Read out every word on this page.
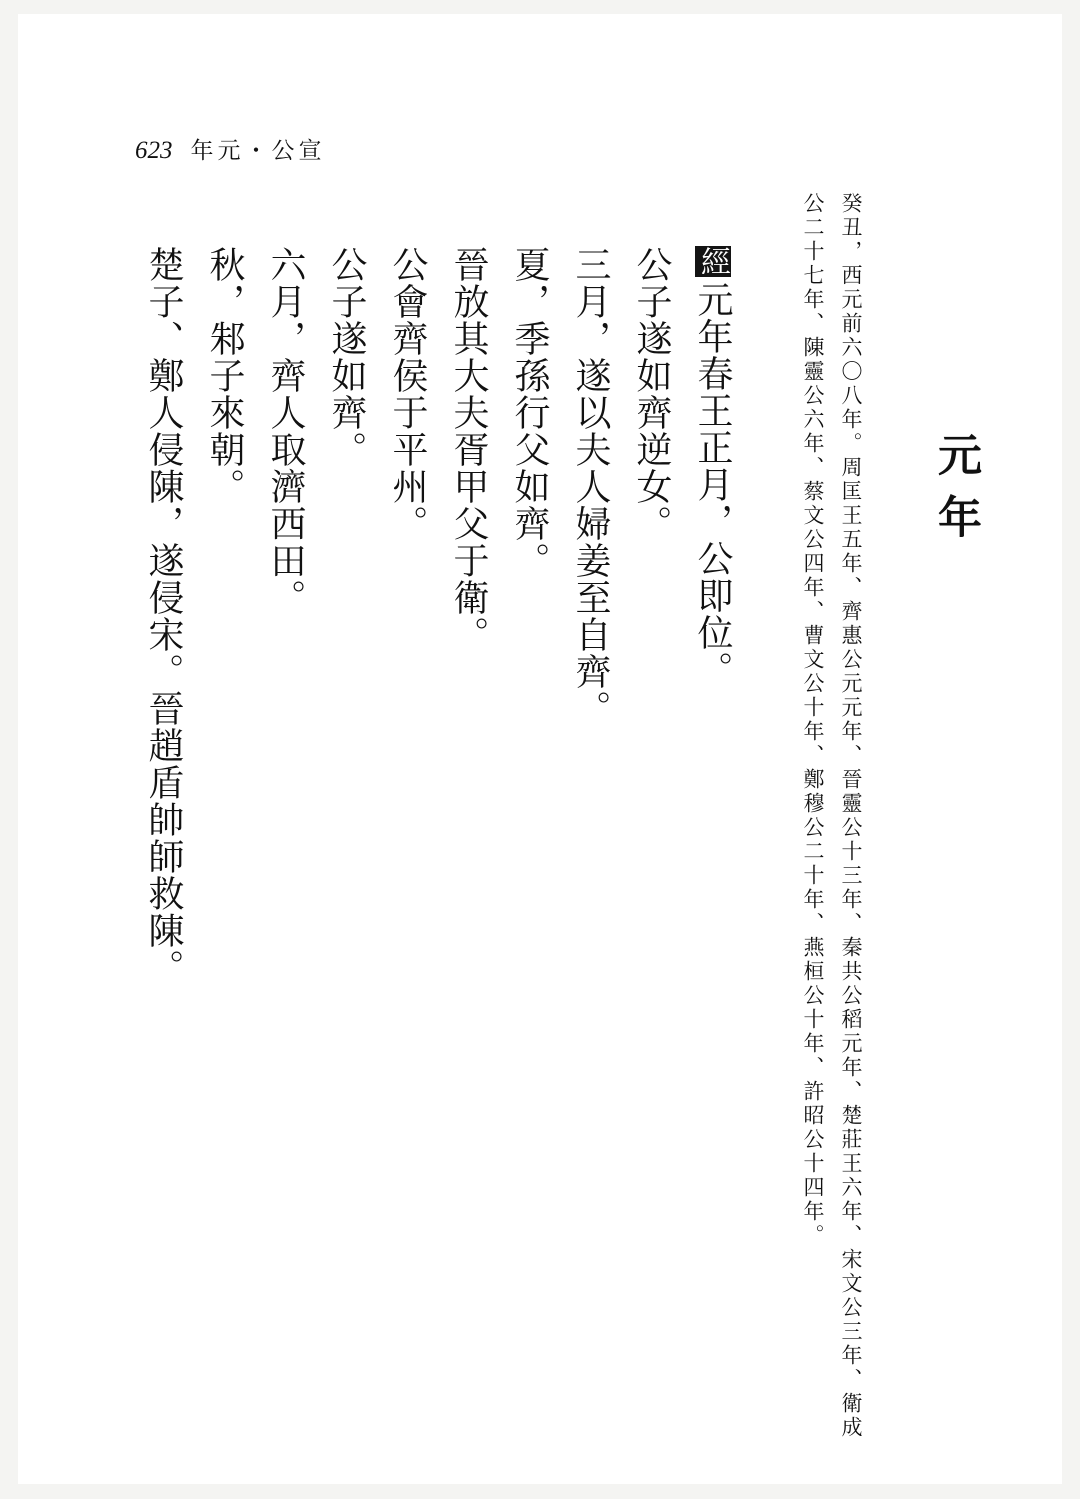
623 年元・公宣
元年
癸丑，西元前六〇八年。周匡王五年、齊惠公元元年、晉靈公十三年、秦共公稻元年、楚莊王六年、宋文公三年、衛成
公二十七年、陳靈公六年、蔡文公四年、曹文公十年、鄭穆公二十年、燕桓公十年、許昭公十四年。
經元年春王正月，公即位。
公子遂如齊逆女。
三月，遂以夫人婦姜至自齊。
夏，季孫行父如齊。
晉放其大夫胥甲父于衛。
公會齊侯于平州。
公子遂如齊。
六月，齊人取濟西田。
秋，邾子來朝。
楚子、鄭人侵陳，遂侵宋。晉趙盾帥師救陳。
